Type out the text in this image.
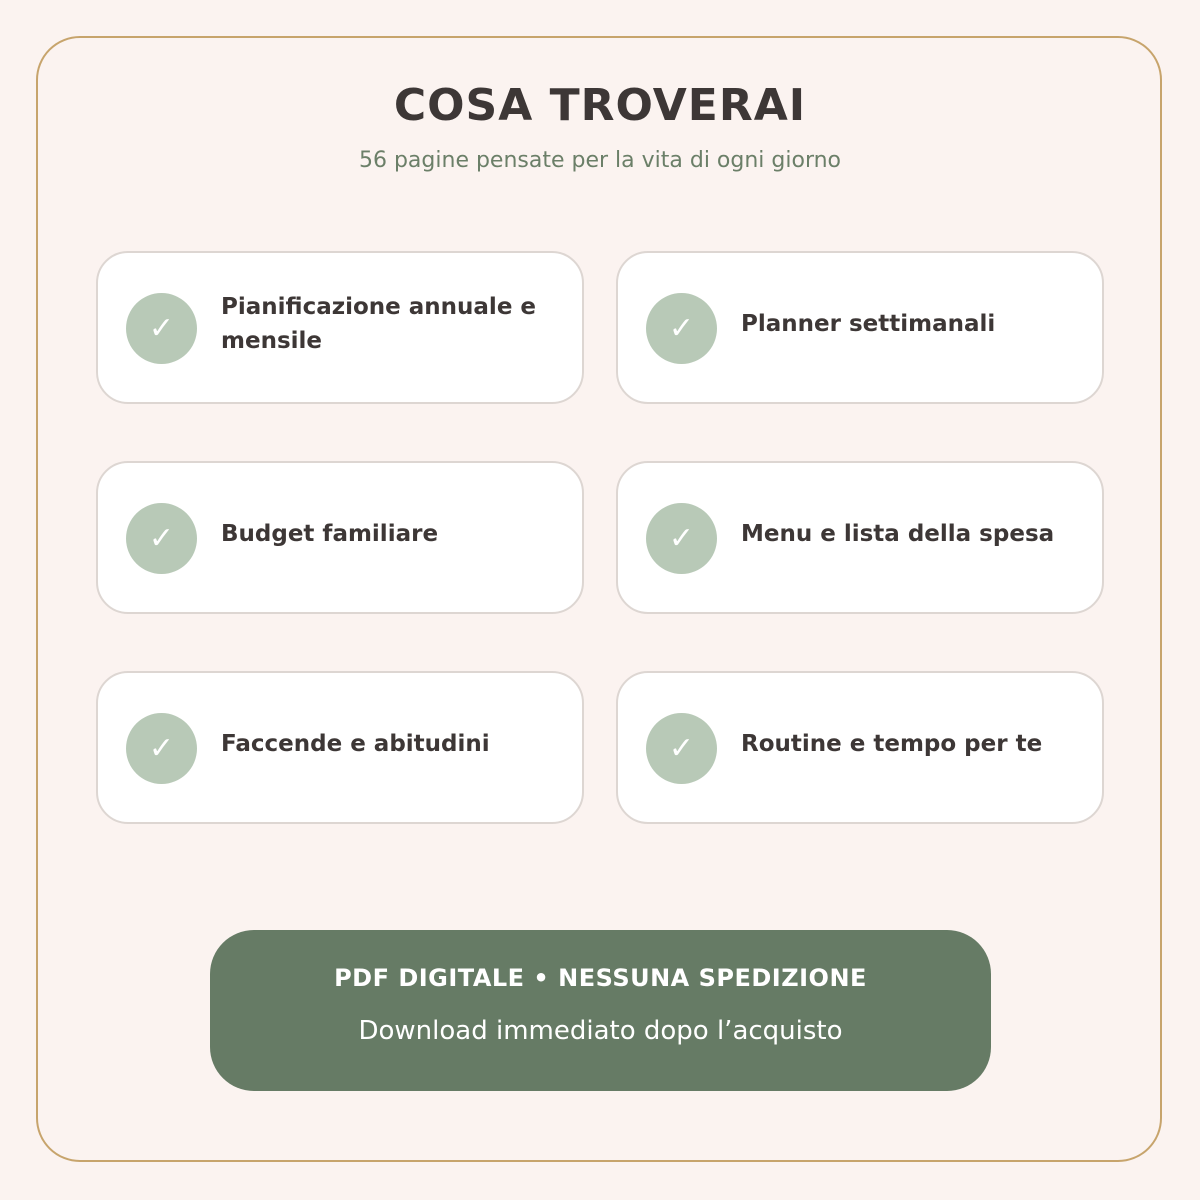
COSA TROVERAI
56 pagine pensate per la vita di ogni giorno
✓
Pianificazione annuale e mensile	✓	Planner settimanali
✓	Budget familiare	✓	Menu e lista della spesa
✓	Faccende e abitudini	✓	Routine e tempo per te
PDF DIGITALE • NESSUNA SPEDIZIONE
Download immediato dopo l’acquisto
